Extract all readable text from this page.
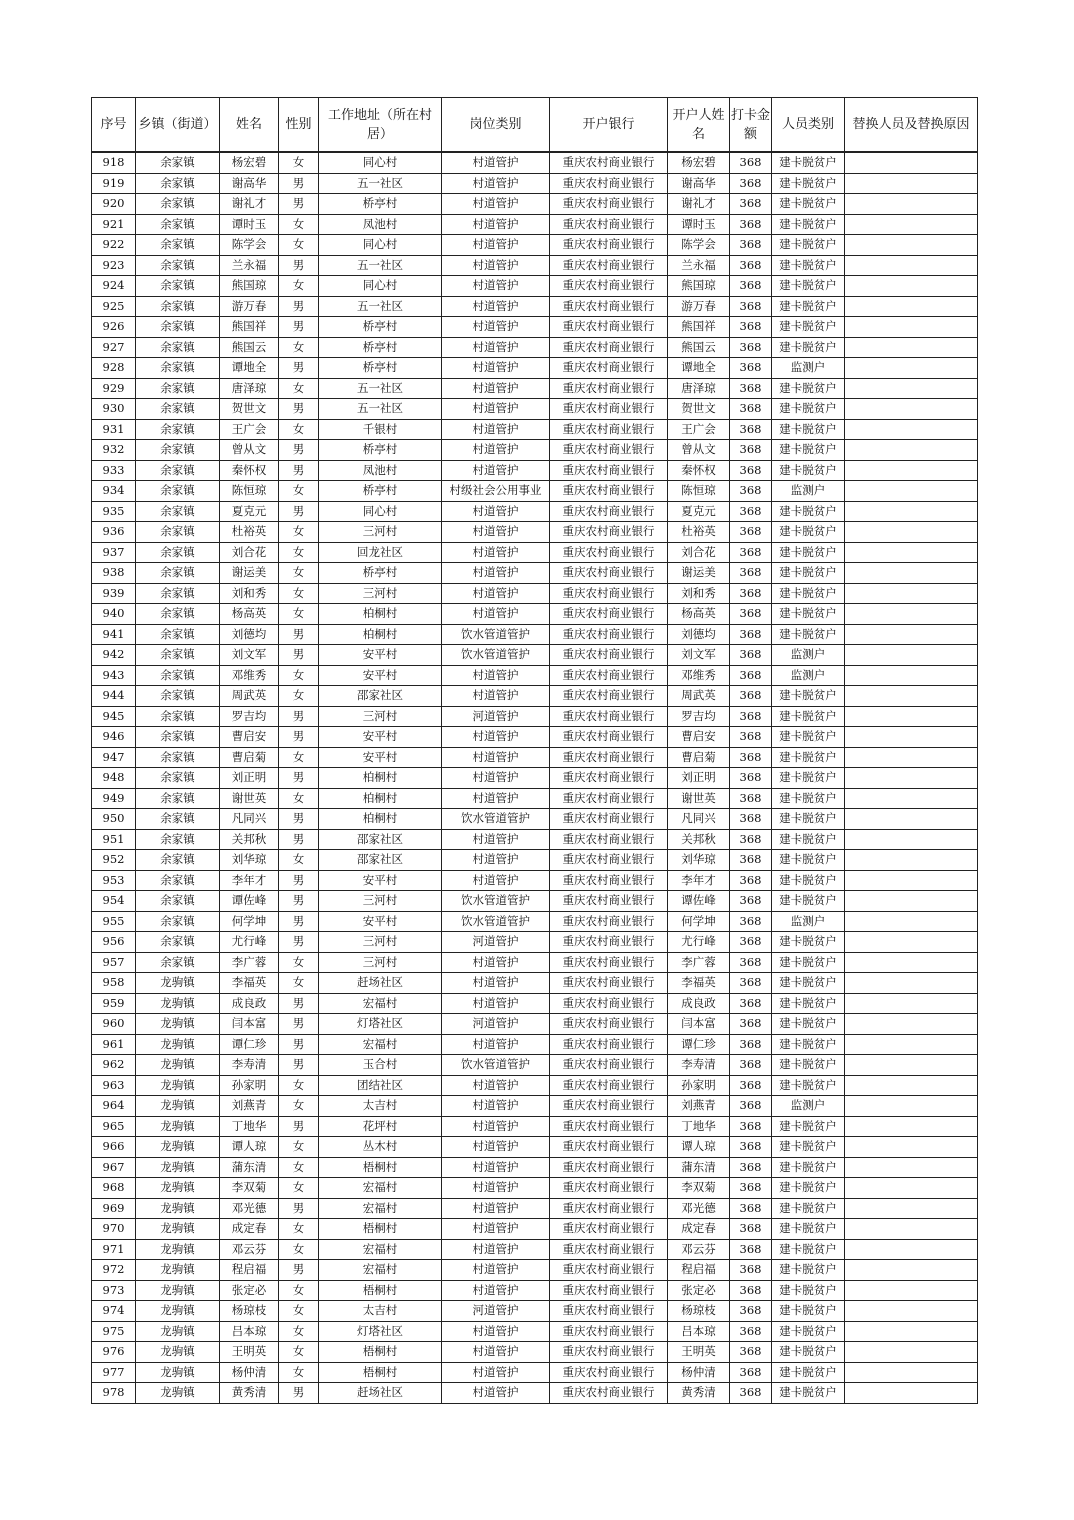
序号	乡镇（街道）	姓名	性别	工作地址（所在村居）	岗位类别	开户银行	开户人姓名	打卡金额	人员类别	替换人员及替换原因
918	余家镇	杨宏碧	女	同心村	村道管护	重庆农村商业银行	杨宏碧	368	建卡脱贫户	
919	余家镇	谢高华	男	五一社区	村道管护	重庆农村商业银行	谢高华	368	建卡脱贫户	
920	余家镇	谢礼才	男	桥亭村	村道管护	重庆农村商业银行	谢礼才	368	建卡脱贫户	
921	余家镇	谭时玉	女	凤池村	村道管护	重庆农村商业银行	谭时玉	368	建卡脱贫户	
922	余家镇	陈学会	女	同心村	村道管护	重庆农村商业银行	陈学会	368	建卡脱贫户	
923	余家镇	兰永福	男	五一社区	村道管护	重庆农村商业银行	兰永福	368	建卡脱贫户	
924	余家镇	熊国琼	女	同心村	村道管护	重庆农村商业银行	熊国琼	368	建卡脱贫户	
925	余家镇	游万春	男	五一社区	村道管护	重庆农村商业银行	游万春	368	建卡脱贫户	
926	余家镇	熊国祥	男	桥亭村	村道管护	重庆农村商业银行	熊国祥	368	建卡脱贫户	
927	余家镇	熊国云	女	桥亭村	村道管护	重庆农村商业银行	熊国云	368	建卡脱贫户	
928	余家镇	谭地全	男	桥亭村	村道管护	重庆农村商业银行	谭地全	368	监测户	
929	余家镇	唐泽琼	女	五一社区	村道管护	重庆农村商业银行	唐泽琼	368	建卡脱贫户	
930	余家镇	贺世文	男	五一社区	村道管护	重庆农村商业银行	贺世文	368	建卡脱贫户	
931	余家镇	王广会	女	千银村	村道管护	重庆农村商业银行	王广会	368	建卡脱贫户	
932	余家镇	曾从文	男	桥亭村	村道管护	重庆农村商业银行	曾从文	368	建卡脱贫户	
933	余家镇	秦怀权	男	凤池村	村道管护	重庆农村商业银行	秦怀权	368	建卡脱贫户	
934	余家镇	陈恒琼	女	桥亭村	村级社会公用事业	重庆农村商业银行	陈恒琼	368	监测户	
935	余家镇	夏克元	男	同心村	村道管护	重庆农村商业银行	夏克元	368	建卡脱贫户	
936	余家镇	杜裕英	女	三河村	村道管护	重庆农村商业银行	杜裕英	368	建卡脱贫户	
937	余家镇	刘合花	女	回龙社区	村道管护	重庆农村商业银行	刘合花	368	建卡脱贫户	
938	余家镇	谢运美	女	桥亭村	村道管护	重庆农村商业银行	谢运美	368	建卡脱贫户	
939	余家镇	刘和秀	女	三河村	村道管护	重庆农村商业银行	刘和秀	368	建卡脱贫户	
940	余家镇	杨高英	女	柏桐村	村道管护	重庆农村商业银行	杨高英	368	建卡脱贫户	
941	余家镇	刘德均	男	柏桐村	饮水管道管护	重庆农村商业银行	刘德均	368	建卡脱贫户	
942	余家镇	刘文军	男	安平村	饮水管道管护	重庆农村商业银行	刘文军	368	监测户	
943	余家镇	邓维秀	女	安平村	村道管护	重庆农村商业银行	邓维秀	368	监测户	
944	余家镇	周武英	女	邵家社区	村道管护	重庆农村商业银行	周武英	368	建卡脱贫户	
945	余家镇	罗吉均	男	三河村	河道管护	重庆农村商业银行	罗吉均	368	建卡脱贫户	
946	余家镇	曹启安	男	安平村	村道管护	重庆农村商业银行	曹启安	368	建卡脱贫户	
947	余家镇	曹启菊	女	安平村	村道管护	重庆农村商业银行	曹启菊	368	建卡脱贫户	
948	余家镇	刘正明	男	柏桐村	村道管护	重庆农村商业银行	刘正明	368	建卡脱贫户	
949	余家镇	谢世英	女	柏桐村	村道管护	重庆农村商业银行	谢世英	368	建卡脱贫户	
950	余家镇	凡同兴	男	柏桐村	饮水管道管护	重庆农村商业银行	凡同兴	368	建卡脱贫户	
951	余家镇	关邦秋	男	邵家社区	村道管护	重庆农村商业银行	关邦秋	368	建卡脱贫户	
952	余家镇	刘华琼	女	邵家社区	村道管护	重庆农村商业银行	刘华琼	368	建卡脱贫户	
953	余家镇	李年才	男	安平村	村道管护	重庆农村商业银行	李年才	368	建卡脱贫户	
954	余家镇	谭佐峰	男	三河村	饮水管道管护	重庆农村商业银行	谭佐峰	368	建卡脱贫户	
955	余家镇	何学坤	男	安平村	饮水管道管护	重庆农村商业银行	何学坤	368	监测户	
956	余家镇	尤行峰	男	三河村	河道管护	重庆农村商业银行	尤行峰	368	建卡脱贫户	
957	余家镇	李广蓉	女	三河村	村道管护	重庆农村商业银行	李广蓉	368	建卡脱贫户	
958	龙驹镇	李福英	女	赶场社区	村道管护	重庆农村商业银行	李福英	368	建卡脱贫户	
959	龙驹镇	成良政	男	宏福村	村道管护	重庆农村商业银行	成良政	368	建卡脱贫户	
960	龙驹镇	闫本富	男	灯塔社区	河道管护	重庆农村商业银行	闫本富	368	建卡脱贫户	
961	龙驹镇	谭仁珍	男	宏福村	村道管护	重庆农村商业银行	谭仁珍	368	建卡脱贫户	
962	龙驹镇	李寿清	男	玉合村	饮水管道管护	重庆农村商业银行	李寿清	368	建卡脱贫户	
963	龙驹镇	孙家明	女	团结社区	村道管护	重庆农村商业银行	孙家明	368	建卡脱贫户	
964	龙驹镇	刘燕青	女	太吉村	村道管护	重庆农村商业银行	刘燕青	368	监测户	
965	龙驹镇	丁地华	男	花坪村	村道管护	重庆农村商业银行	丁地华	368	建卡脱贫户	
966	龙驹镇	谭人琼	女	丛木村	村道管护	重庆农村商业银行	谭人琼	368	建卡脱贫户	
967	龙驹镇	蒲东清	女	梧桐村	村道管护	重庆农村商业银行	蒲东清	368	建卡脱贫户	
968	龙驹镇	李双菊	女	宏福村	村道管护	重庆农村商业银行	李双菊	368	建卡脱贫户	
969	龙驹镇	邓光德	男	宏福村	村道管护	重庆农村商业银行	邓光德	368	建卡脱贫户	
970	龙驹镇	成定春	女	梧桐村	村道管护	重庆农村商业银行	成定春	368	建卡脱贫户	
971	龙驹镇	邓云芬	女	宏福村	村道管护	重庆农村商业银行	邓云芬	368	建卡脱贫户	
972	龙驹镇	程启福	男	宏福村	村道管护	重庆农村商业银行	程启福	368	建卡脱贫户	
973	龙驹镇	张定必	女	梧桐村	村道管护	重庆农村商业银行	张定必	368	建卡脱贫户	
974	龙驹镇	杨琼枝	女	太吉村	河道管护	重庆农村商业银行	杨琼枝	368	建卡脱贫户	
975	龙驹镇	吕本琼	女	灯塔社区	村道管护	重庆农村商业银行	吕本琼	368	建卡脱贫户	
976	龙驹镇	王明英	女	梧桐村	村道管护	重庆农村商业银行	王明英	368	建卡脱贫户	
977	龙驹镇	杨仲清	女	梧桐村	村道管护	重庆农村商业银行	杨仲清	368	建卡脱贫户	
978	龙驹镇	黄秀清	男	赶场社区	村道管护	重庆农村商业银行	黄秀清	368	建卡脱贫户	
